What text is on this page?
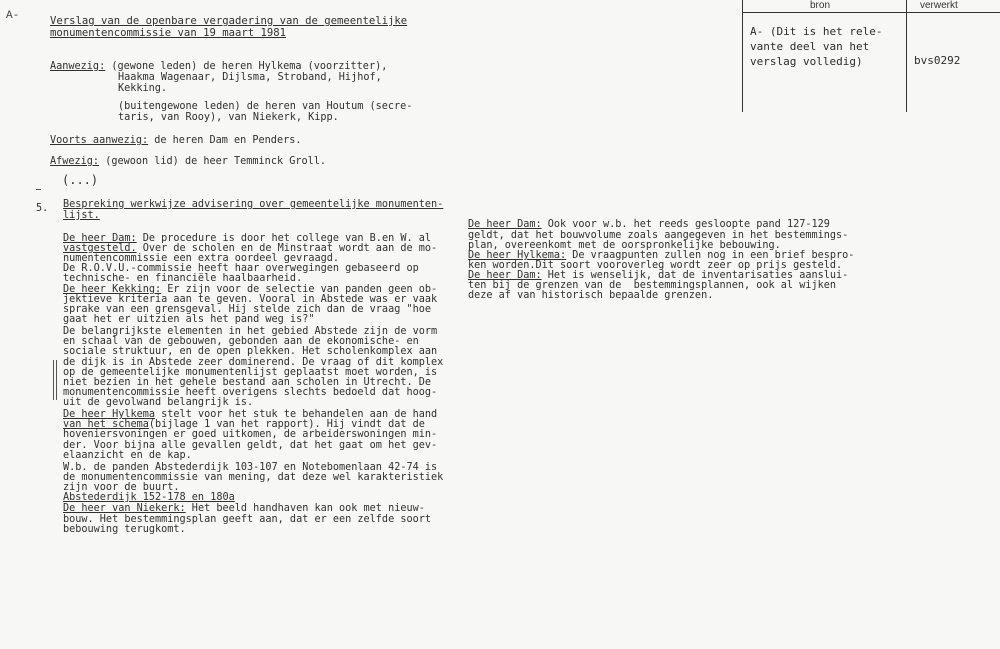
A-	Verslag van de openbare vergadering van de gemeentelijke
monumentencommissie van 19 maart 1981
Aanwezig: (gewone leden) de heren Hylkema (voorzitter),
Haakma Wagenaar, Dijlsma, Stroband, Hijhof,
Kekking.
(buitengewone leden) de heren van Houtum (secre-
taris, van Rooy), van Niekerk, Kipp.
Voorts aanwezig: de heren Dam en Penders.
Afwezig: (gewoon lid) de heer Temminck Groll.
(...)
5. Bespreking werkwijze advisering over gemeentelijke monumenten-
lijst.
De heer Dam: De procedure is door het college van B.en W. al
vastgesteld. Over de scholen en de Minstraat wordt aan de mo-
numentencommissie een extra oordeel gevraagd.
De R.O.V.U.-commissie heeft haar overwegingen gebaseerd op
technische- en financiële haalbaarheid.
De heer Kekking: Er zijn voor de selectie van panden geen ob-
jektieve kriteria aan te geven. Vooral in Abstede was er vaak
sprake van een grensgeval. Hij stelde zich dan de vraag "hoe
gaat het er uitzien als het pand weg is?"
De belangrijkste elementen in het gebied Abstede zijn de vorm
en schaal van de gebouwen, gebonden aan de ekonomische- en
sociale struktuur, en de open plekken. Het scholenkomplex aan
de dijk is in Abstede zeer dominerend. De vraag of dit komplex
op de gemeentelijke monumentenlijst geplaatst moet worden, is
niet bezien in het gehele bestand aan scholen in Utrecht. De
monumentencommissie heeft overigens slechts bedoeld dat hoog-
uit de gevolwand belangrijk is.
De heer Hylkema stelt voor het stuk te behandelen aan de hand
van het schema(bijlage 1 van het rapport). Hij vindt dat de
hoveniersvoningen er goed uitkomen, de arbeiderswoningen min-
der. Voor bijna alle gevallen geldt, dat het gaat om het gev-
elaanzicht en de kap.
W.b. de panden Abstederdijk 103-107 en Notebomenlaan 42-74 is
de monumentencommissie van mening, dat deze wel karakteristiek
zijn voor de buurt.
Abstederdijk 152-178 en 180a
De heer van Niekerk: Het beeld handhaven kan ook met nieuw-
bouw. Het bestemmingsplan geeft aan, dat er een zelfde soort
bebouwing terugkomt.
De heer Dam: Ook voor w.b. het reeds gesloopte pand 127-129
geldt, dat het bouwvolume zoals aangegeven in het bestemmings-
plan, overeenkomt met de oorspronkelijke bebouwing.
De heer Hylkema: De vraagpunten zullen nog in een brief bespro-
ken worden.Dit soort vooroverleg wordt zeer op prijs gesteld.
De heer Dam: Het is wenselijk, dat de inventarisaties aanslui-
ten bij de grenzen van de  bestemmingsplannen, ook al wijken
deze af van historisch bepaalde grenzen.
bron	verwerkt
A- (Dit is het rele-
vante deel van het
verslag volledig)	bvs0292
